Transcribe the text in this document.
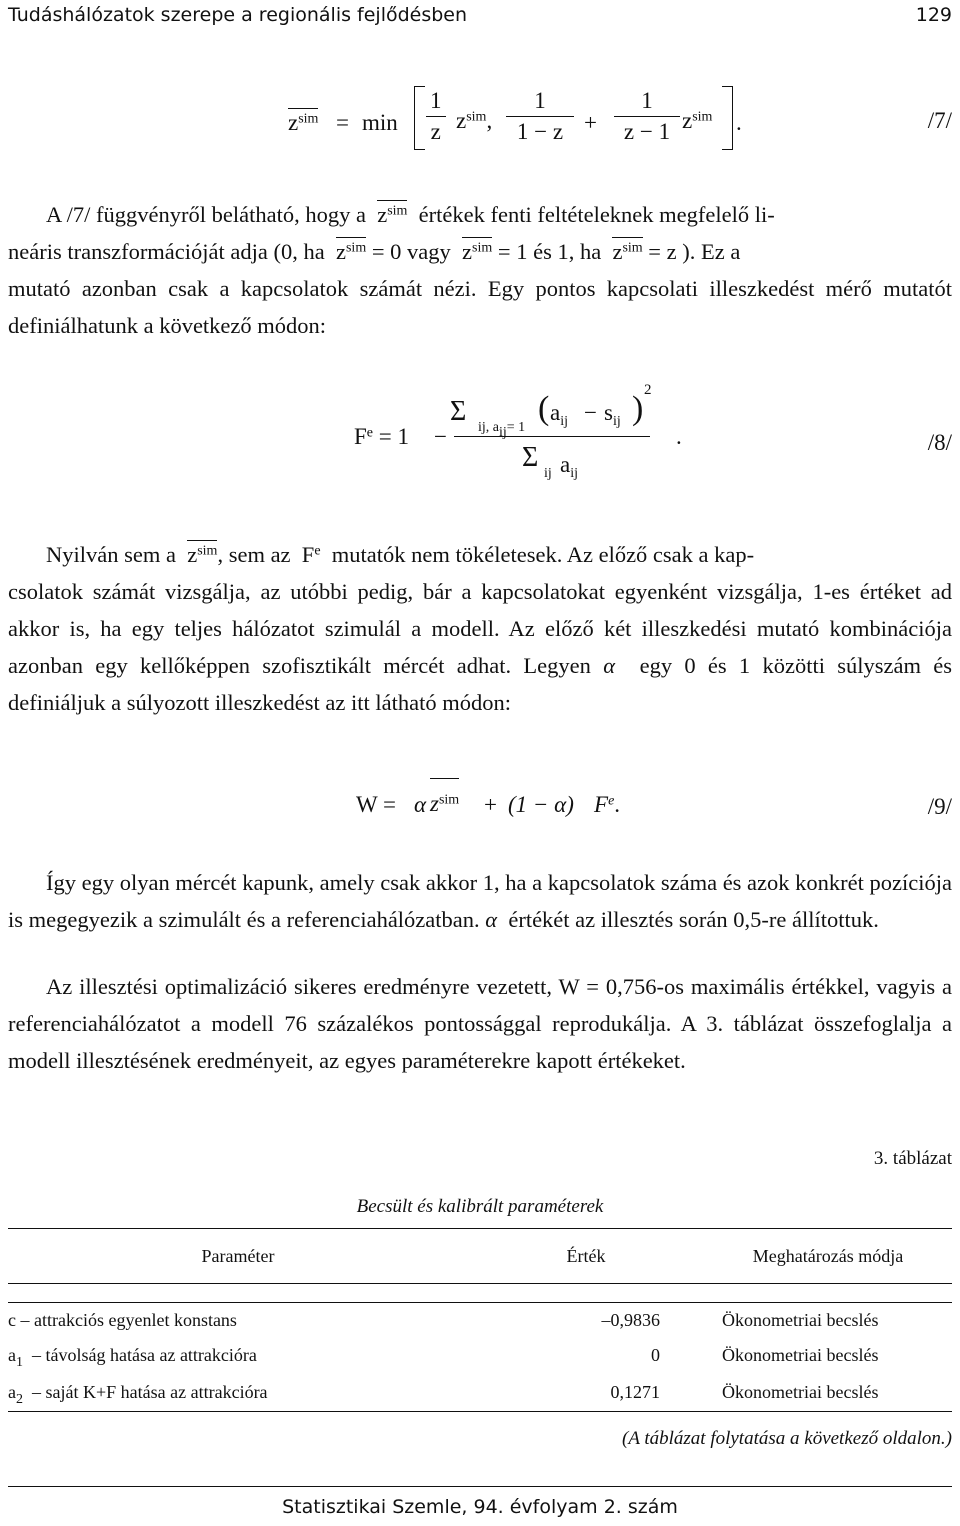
Tudáshálózatok szerepe a regionális fejlődésben	129
$z^{sim} = \min \frac{1}{z} z^{sim}$, $\frac{1}{1 - z} + \frac{1}{z - 1} z^{sim}$ .	/7/

A /7/ függvényről belátható, hogy a $z^{sim}$ értékek fenti feltételeknek megfelelő li-

neáris transzformációját adja (0, ha $z^{sim} = 0$ vagy $z^{sim} = 1$ és 1, ha $z^{sim} = z$ ). Ez a

mutató azonban csak a kapcsolatok számát nézi. Egy pontos kapcsolati illeszkedést mérő mutatót definiálhatunk a következő módon:

$F^e = 1$ −
Σ
ij, $a_{ij}= 1$
( $a_{ij} - s_{ij}$ ) 2
Σ
ij $a_{ij}$
.	/8/

Nyilván sem a $z^{sim}$, sem az  $F^e$ mutatók nem tökéletesek. Az előző csak a kap-

csolatok számát vizsgálja, az utóbbi pedig, bár a kapcsolatokat egyenként vizsgálja, 1-es értéket ad akkor is, ha egy teljes hálózatot szimulál a modell. Az előző két illeszkedési mutató kombinációja azonban egy kellőképpen szofisztikált mércét adhat. Legyen α egy 0 és 1 közötti súlyszám és definiáljuk a súlyozott illeszkedést az itt látható módon:

W = α $z^{sim} + (1 - \alpha)$ $F^e$.	/9/

Így egy olyan mércét kapunk, amely csak akkor 1, ha a kapcsolatok száma és azok konkrét pozíciója is megegyezik a szimulált és a referenciahálózatban. α értékét az illesztés során 0,5-re állítottuk.

Az illesztési optimalizáció sikeres eredményre vezetett, W = 0,756-os maximális értékkel, vagyis a referenciahálózatot a modell 76 százalékos pontossággal reprodukálja. A 3. táblázat összefoglalja a modell illesztésének eredményeit, az egyes paraméterekre kapott értékeket.

3. táblázat
Becsült és kalibrált paraméterek
Paraméter	Érték	Meghatározás módja

c – attrakciós egyenlet konstans	–0,9836	Ökonometriai becslés
$a_1$ – távolság hatása az attrakcióra	0	Ökonometriai becslés
$a_2$ – saját K+F hatása az attrakcióra	0,1271	Ökonometriai becslés
(A táblázat folytatása a következő oldalon.)
Statisztikai Szemle, 94. évfolyam 2. szám
